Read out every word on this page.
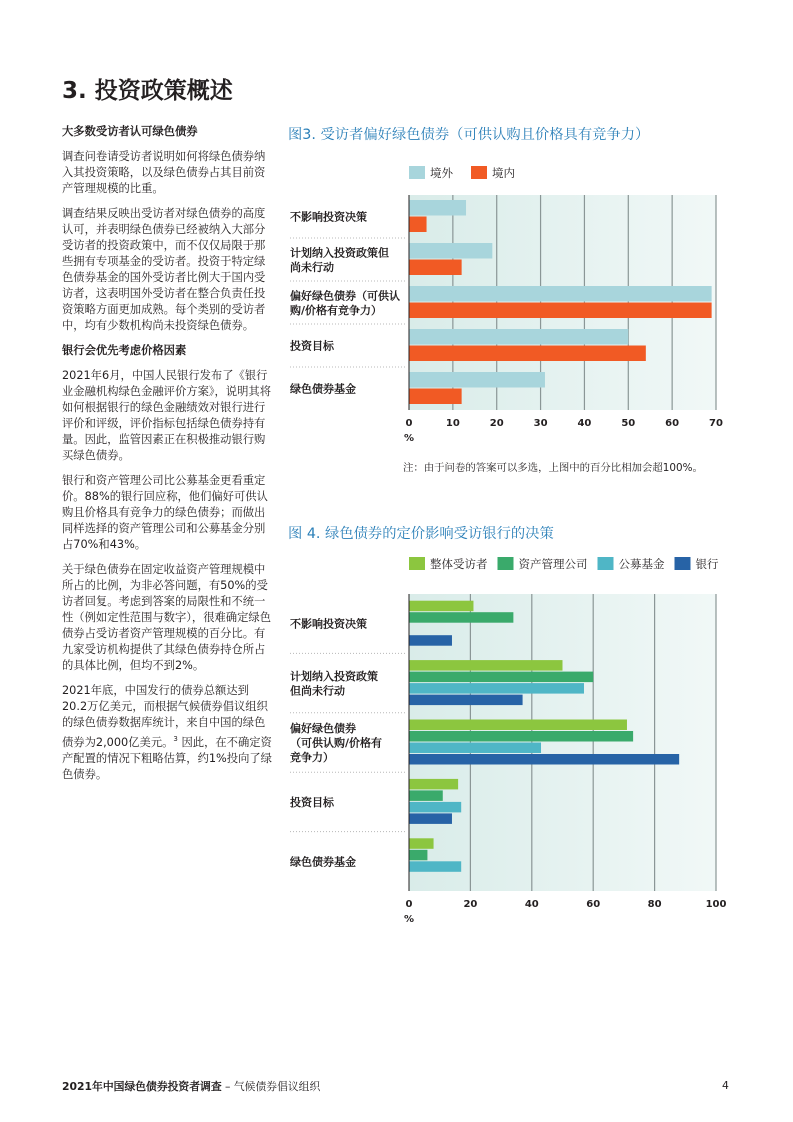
3. 投资政策概述
大多数受访者认可绿色债券

调查问卷请受访者说明如何将绿色债券纳入其投资策略，以及绿色债券占其目前资产管理规模的比重。

调查结果反映出受访者对绿色债券的高度认可，并表明绿色债券已经被纳入大部分受访者的投资政策中，而不仅仅局限于那些拥有专项基金的受访者。投资于特定绿色债券基金的国外受访者比例大于国内受访者，这表明国外受访者在整合负责任投资策略方面更加成熟。每个类别的受访者中，均有少数机构尚未投资绿色债券。

银行会优先考虑价格因素

2021年6月，中国人民银行发布了《银行业金融机构绿色金融评价方案》，说明其将如何根据银行的绿色金融绩效对银行进行评价和评级，评价指标包括绿色债券持有量。因此，监管因素正在积极推动银行购买绿色债券。

银行和资产管理公司比公募基金更看重定价。88%的银行回应称，他们偏好可供认购且价格具有竞争力的绿色债券；而做出同样选择的资产管理公司和公募基金分别占70%和43%。

关于绿色债券在固定收益资产管理规模中所占的比例，为非必答问题，有50%的受访者回复。考虑到答案的局限性和不统一性（例如定性范围与数字），很难确定绿色债券占受访者资产管理规模的百分比。有九家受访机构提供了其绿色债券持仓所占的具体比例，但均不到2%。

2021年底，中国发行的债券总额达到20.2万亿美元，而根据气候债券倡议组织的绿色债券数据库统计，来自中国的绿色债券为2,000亿美元。$^3$ 因此，在不确定资产配置的情况下粗略估算，约1%投向了绿色债券。

图3. 受访者偏好绿色债券（可供认购且价格具有竞争力）
不影响投资决策
计划纳入投资政策但
尚未行动
偏好绿色债券（可供认
购/价格有竞争力）
投资目标
绿色债券基金
0	10	20	30	40	50	60	70
%
境外	境内
注：由于问卷的答案可以多选，上图中的百分比相加会超100%。
图 4. 绿色债券的定价影响受访银行的决策
不影响投资决策
计划纳入投资政策
但尚未行动
偏好绿色债券
（可供认购/价格有
竞争力）
投资目标
绿色债券基金
0	20	40	60	80	100
%
整体受访者	资产管理公司	公募基金	银行
2021年中国绿色债券投资者调查 – 气候债券倡议组织	4
